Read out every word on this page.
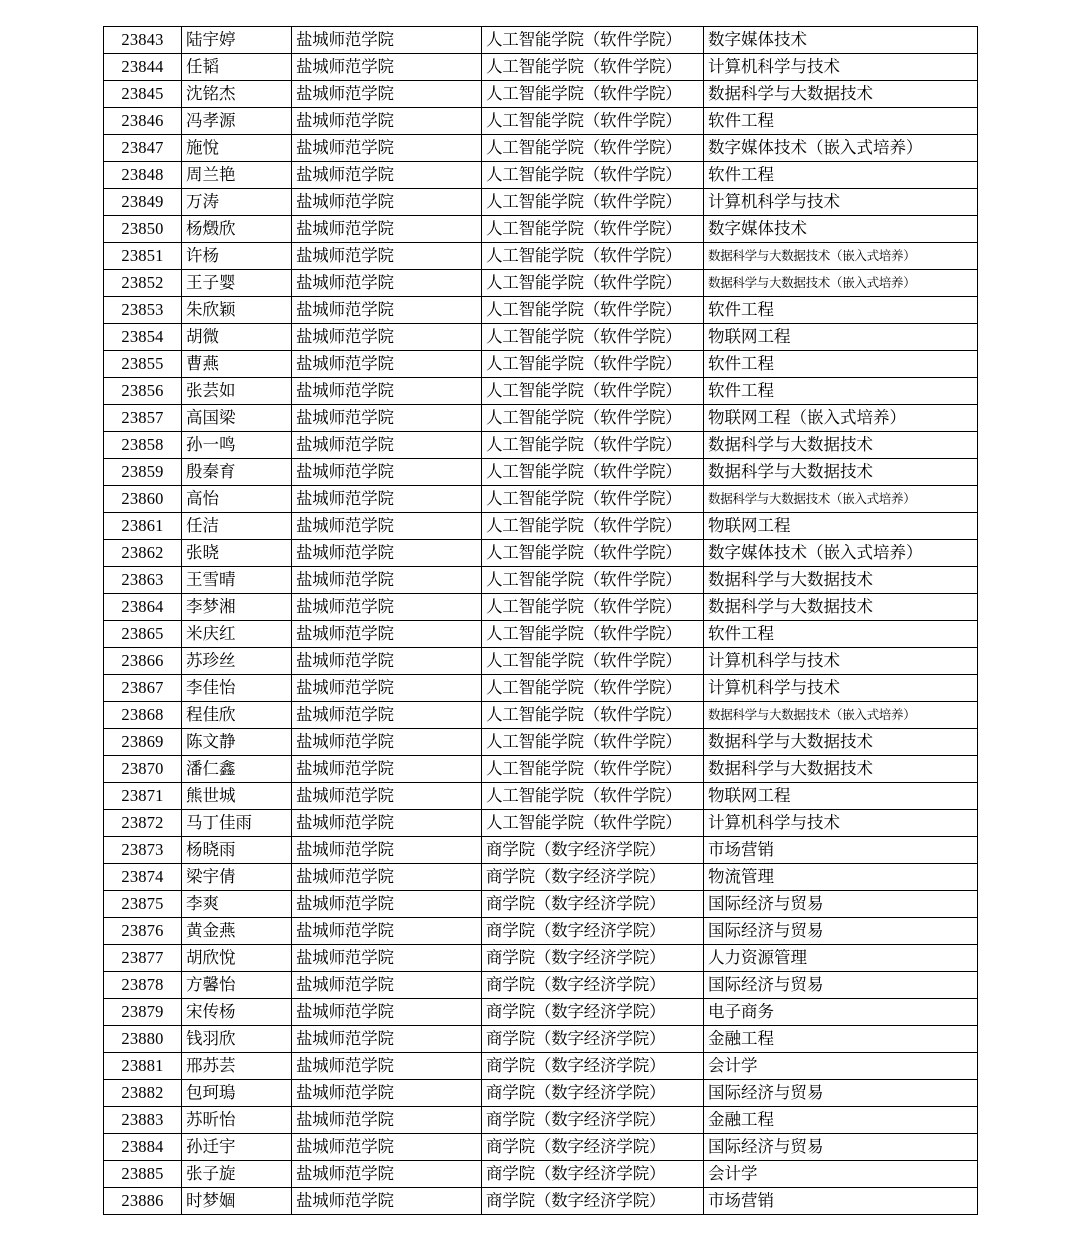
23843	陆宇婷	盐城师范学院	人工智能学院（软件学院）	数字媒体技术
23844	任韬	盐城师范学院	人工智能学院（软件学院）	计算机科学与技术
23845	沈铭杰	盐城师范学院	人工智能学院（软件学院）	数据科学与大数据技术
23846	冯孝源	盐城师范学院	人工智能学院（软件学院）	软件工程
23847	施悅	盐城师范学院	人工智能学院（软件学院）	数字媒体技术（嵌入式培养）
23848	周兰艳	盐城师范学院	人工智能学院（软件学院）	软件工程
23849	万涛	盐城师范学院	人工智能学院（软件学院）	计算机科学与技术
23850	杨燬欣	盐城师范学院	人工智能学院（软件学院）	数字媒体技术
23851	许杨	盐城师范学院	人工智能学院（软件学院）	数据科学与大数据技术（嵌入式培养）
23852	王子婴	盐城师范学院	人工智能学院（软件学院）	数据科学与大数据技术（嵌入式培养）
23853	朱欣颖	盐城师范学院	人工智能学院（软件学院）	软件工程
23854	胡微	盐城师范学院	人工智能学院（软件学院）	物联网工程
23855	曹燕	盐城师范学院	人工智能学院（软件学院）	软件工程
23856	张芸如	盐城师范学院	人工智能学院（软件学院）	软件工程
23857	高国梁	盐城师范学院	人工智能学院（软件学院）	物联网工程（嵌入式培养）
23858	孙一鸣	盐城师范学院	人工智能学院（软件学院）	数据科学与大数据技术
23859	殷秦育	盐城师范学院	人工智能学院（软件学院）	数据科学与大数据技术
23860	高怡	盐城师范学院	人工智能学院（软件学院）	数据科学与大数据技术（嵌入式培养）
23861	任洁	盐城师范学院	人工智能学院（软件学院）	物联网工程
23862	张晓	盐城师范学院	人工智能学院（软件学院）	数字媒体技术（嵌入式培养）
23863	王雪晴	盐城师范学院	人工智能学院（软件学院）	数据科学与大数据技术
23864	李梦湘	盐城师范学院	人工智能学院（软件学院）	数据科学与大数据技术
23865	米庆红	盐城师范学院	人工智能学院（软件学院）	软件工程
23866	苏珍丝	盐城师范学院	人工智能学院（软件学院）	计算机科学与技术
23867	李佳怡	盐城师范学院	人工智能学院（软件学院）	计算机科学与技术
23868	程佳欣	盐城师范学院	人工智能学院（软件学院）	数据科学与大数据技术（嵌入式培养）
23869	陈文静	盐城师范学院	人工智能学院（软件学院）	数据科学与大数据技术
23870	潘仁鑫	盐城师范学院	人工智能学院（软件学院）	数据科学与大数据技术
23871	熊世城	盐城师范学院	人工智能学院（软件学院）	物联网工程
23872	马丁佳雨	盐城师范学院	人工智能学院（软件学院）	计算机科学与技术
23873	杨晓雨	盐城师范学院	商学院（数字经济学院）	市场营销
23874	梁宇倩	盐城师范学院	商学院（数字经济学院）	物流管理
23875	李爽	盐城师范学院	商学院（数字经济学院）	国际经济与贸易
23876	黄金燕	盐城师范学院	商学院（数字经济学院）	国际经济与贸易
23877	胡欣悅	盐城师范学院	商学院（数字经济学院）	人力资源管理
23878	方馨怡	盐城师范学院	商学院（数字经济学院）	国际经济与贸易
23879	宋传杨	盐城师范学院	商学院（数字经济学院）	电子商务
23880	钱羽欣	盐城师范学院	商学院（数字经济学院）	金融工程
23881	邢苏芸	盐城师范学院	商学院（数字经济学院）	会计学
23882	包珂瑦	盐城师范学院	商学院（数字经济学院）	国际经济与贸易
23883	苏昕怡	盐城师范学院	商学院（数字经济学院）	金融工程
23884	孙迁宇	盐城师范学院	商学院（数字经济学院）	国际经济与贸易
23885	张子旋	盐城师范学院	商学院（数字经济学院）	会计学
23886	时梦婟	盐城师范学院	商学院（数字经济学院）	市场营销
